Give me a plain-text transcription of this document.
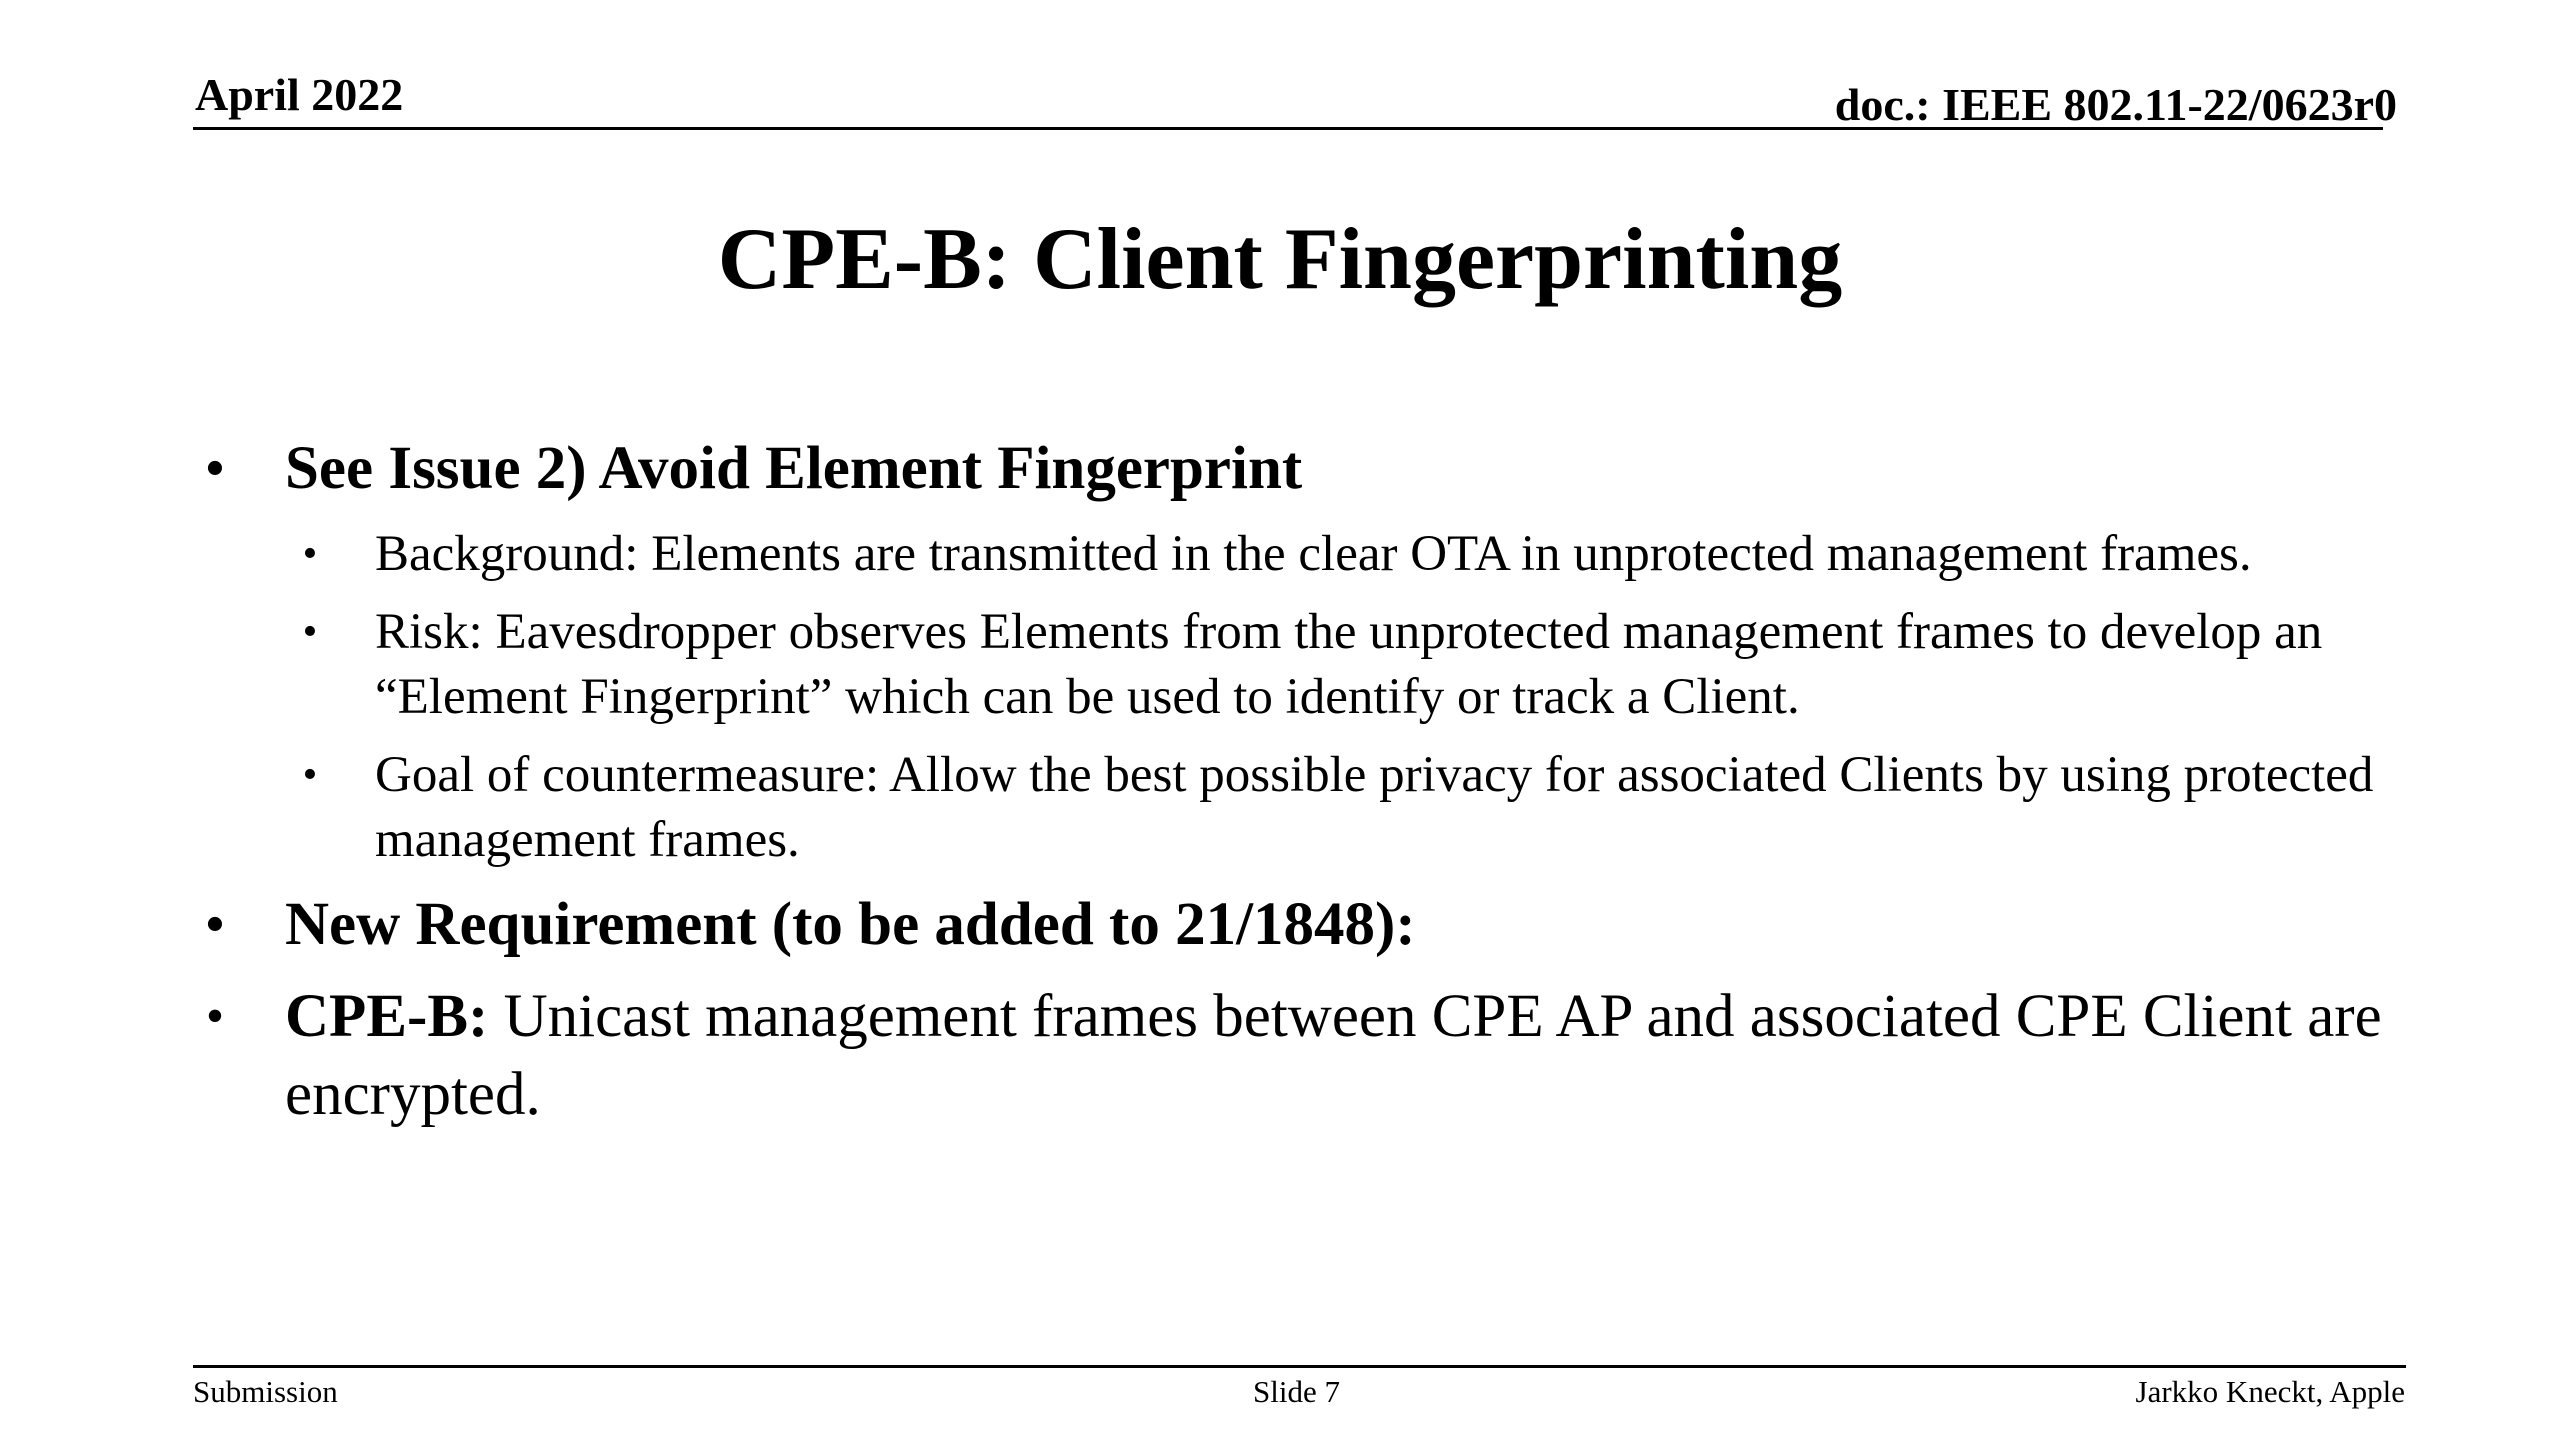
April 2022	doc.: IEEE 802.11-22/0623r0
CPE-B: Client Fingerprinting
• See Issue 2) Avoid Element Fingerprint
• Background: Elements are transmitted in the clear OTA in unprotected management frames.
• Risk: Eavesdropper observes Elements from the unprotected management frames to develop an “Element Fingerprint” which can be used to identify or track a Client.
• Goal of countermeasure: Allow the best possible privacy for associated Clients by using protected management frames.
• New Requirement (to be added to 21/1848):
• CPE-B: Unicast management frames between CPE AP and associated CPE Client are encrypted.
Submission	Slide 7	Jarkko Kneckt, Apple
